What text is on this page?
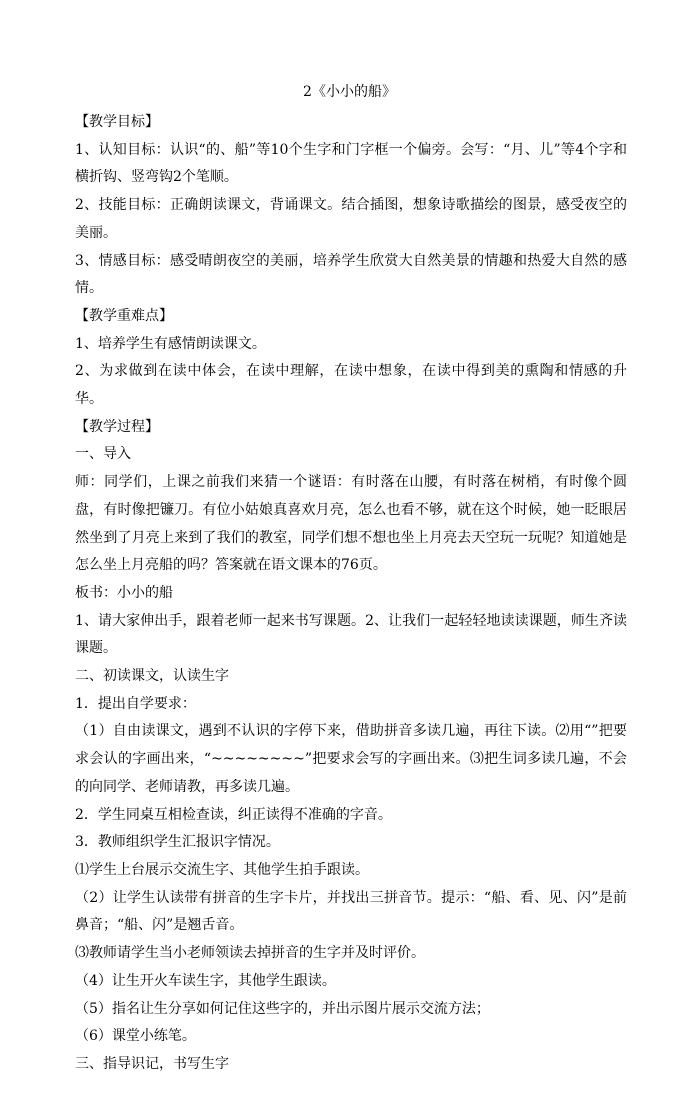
2《小小的船》

【教学目标】

1、认知目标：认识“的、船”等10个生字和门字框一个偏旁。会写：“月、儿”等4个字和横折钩、竖弯钩2个笔顺。

2、技能目标：正确朗读课文，背诵课文。结合插图，想象诗歌描绘的图景，感受夜空的美丽。

3、情感目标：感受晴朗夜空的美丽，培养学生欣赏大自然美景的情趣和热爱大自然的感情。

【教学重难点】

1、培养学生有感情朗读课文。

2、为求做到在读中体会，在读中理解，在读中想象，在读中得到美的熏陶和情感的升华。

【教学过程】

一、导入

师：同学们，上课之前我们来猜一个谜语：有时落在山腰，有时落在树梢，有时像个圆盘，有时像把镰刀。有位小姑娘真喜欢月亮，怎么也看不够，就在这个时候，她一眨眼居然坐到了月亮上来到了我们的教室，同学们想不想也坐上月亮去天空玩一玩呢？知道她是怎么坐上月亮船的吗？答案就在语文课本的76页。

板书：小小的船

1、请大家伸出手，跟着老师一起来书写课题。2、让我们一起轻轻地读读课题，师生齐读课题。

二、初读课文，认读生字

1．提出自学要求：

（1）自由读课文，遇到不认识的字停下来，借助拼音多读几遍，再往下读。⑵用“”把要求会认的字画出来，“~~~~~~~~”把要求会写的字画出来。⑶把生词多读几遍，不会的向同学、老师请教，再多读几遍。

2．学生同桌互相检查读，纠正读得不准确的字音。

3．教师组织学生汇报识字情况。

⑴学生上台展示交流生字、其他学生拍手跟读。

（2）让学生认读带有拼音的生字卡片，并找出三拼音节。提示：“船、看、见、闪”是前鼻音；“船、闪”是翘舌音。

⑶教师请学生当小老师领读去掉拼音的生字并及时评价。

（4）让生开火车读生字，其他学生跟读。

（5）指名让生分享如何记住这些字的，并出示图片展示交流方法；

（6）课堂小练笔。

三、指导识记，书写生字
